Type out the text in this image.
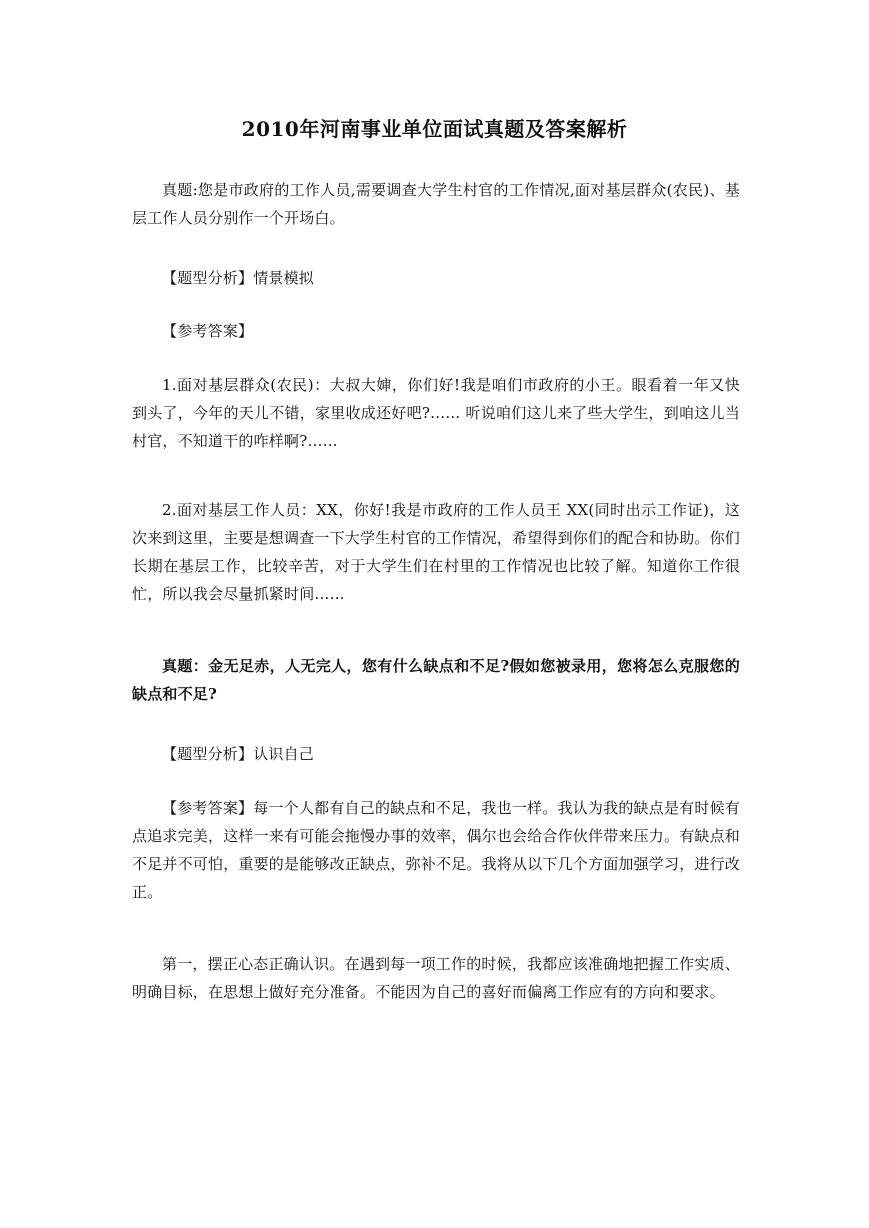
2010年河南事业单位面试真题及答案解析

真题:您是市政府的工作人员,需要调查大学生村官的工作情况,面对基层群众(农民)、基层工作人员分别作一个开场白。

【题型分析】情景模拟

【参考答案】

1.面对基层群众(农民)：大叔大婶，你们好!我是咱们市政府的小王。眼看着一年又快到头了，今年的天儿不错，家里收成还好吧?…… 听说咱们这儿来了些大学生，到咱这儿当村官，不知道干的咋样啊?……

2.面对基层工作人员：XX，你好!我是市政府的工作人员王 XX(同时出示工作证)，这次来到这里，主要是想调查一下大学生村官的工作情况，希望得到你们的配合和协助。你们长期在基层工作，比较辛苦，对于大学生们在村里的工作情况也比较了解。知道你工作很忙，所以我会尽量抓紧时间……

真题：金无足赤，人无完人，您有什么缺点和不足?假如您被录用，您将怎么克服您的缺点和不足?

【题型分析】认识自己

【参考答案】每一个人都有自己的缺点和不足，我也一样。我认为我的缺点是有时候有点追求完美，这样一来有可能会拖慢办事的效率，偶尔也会给合作伙伴带来压力。有缺点和不足并不可怕，重要的是能够改正缺点，弥补不足。我将从以下几个方面加强学习，进行改正。

第一，摆正心态正确认识。在遇到每一项工作的时候，我都应该准确地把握工作实质、明确目标，在思想上做好充分准备。不能因为自己的喜好而偏离工作应有的方向和要求。
